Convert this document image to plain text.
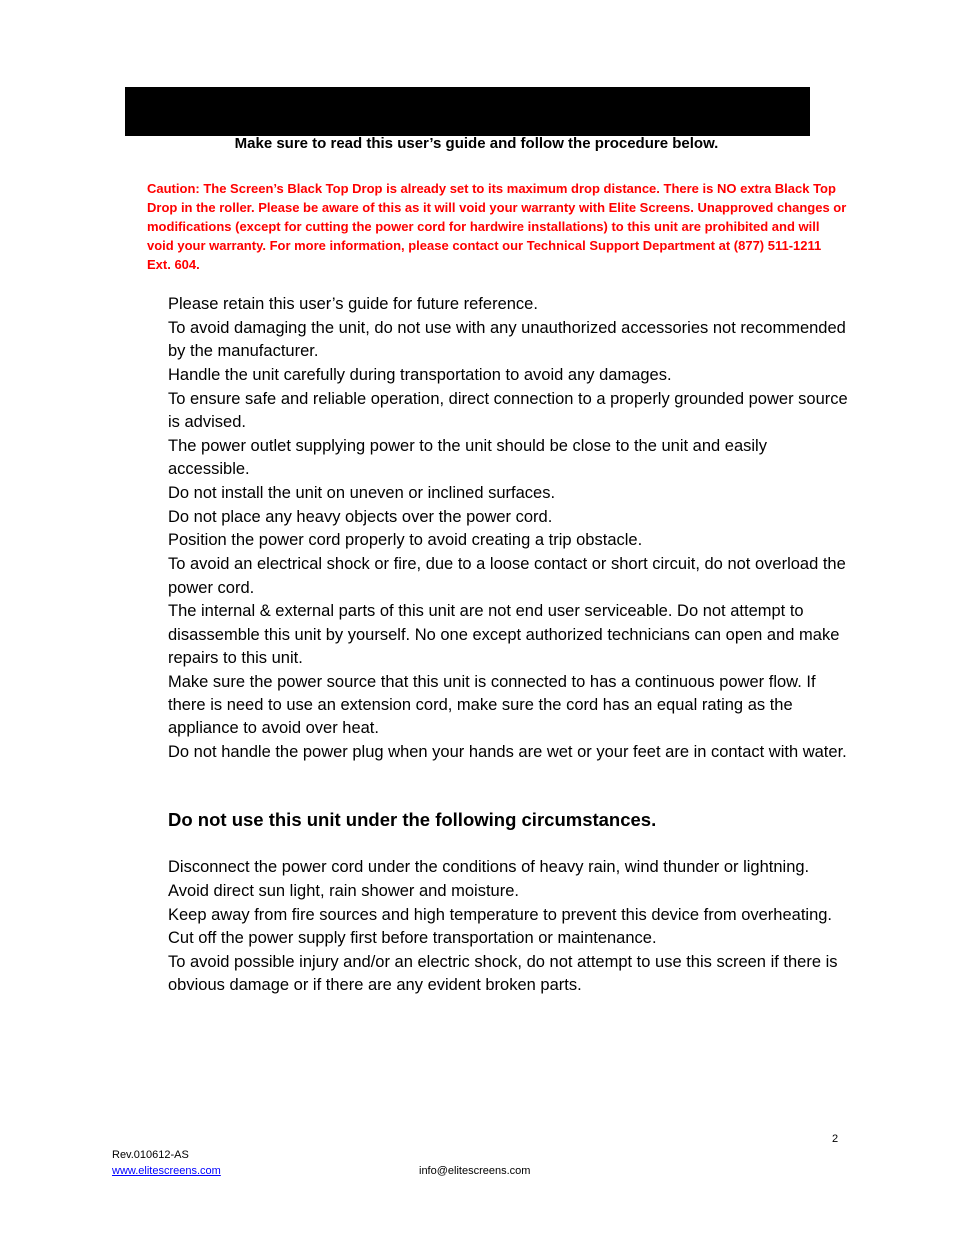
Make sure to read this user’s guide and follow the procedure below.
Caution: The Screen’s Black Top Drop is already set to its maximum drop distance. There is NO extra Black Top Drop in the roller. Please be aware of this as it will void your warranty with Elite Screens. Unapproved changes or modifications (except for cutting the power cord for hardwire installations) to this unit are prohibited and will void your warranty. For more information, please contact our Technical Support Department at (877) 511-1211 Ext. 604.
Please retain this user’s guide for future reference.
To avoid damaging the unit, do not use with any unauthorized accessories not recommended by the manufacturer.
Handle the unit carefully during transportation to avoid any damages.
To ensure safe and reliable operation, direct connection to a properly grounded power source is advised.
The power outlet supplying power to the unit should be close to the unit and easily accessible.
Do not install the unit on uneven or inclined surfaces.
Do not place any heavy objects over the power cord.
Position the power cord properly to avoid creating a trip obstacle.
To avoid an electrical shock or fire, due to a loose contact or short circuit, do not overload the power cord.
The internal & external parts of this unit are not end user serviceable. Do not attempt to disassemble this unit by yourself. No one except authorized technicians can open and make repairs to this unit.
Make sure the power source that this unit is connected to has a continuous power flow. If there is need to use an extension cord, make sure the cord has an equal rating as the appliance to avoid over heat.
Do not handle the power plug when your hands are wet or your feet are in contact with water.
Do not use this unit under the following circumstances.
Disconnect the power cord under the conditions of heavy rain, wind thunder or lightning.
Avoid direct sun light, rain shower and moisture.
Keep away from fire sources and high temperature to prevent this device from overheating.
Cut off the power supply first before transportation or maintenance.
To avoid possible injury and/or an electric shock, do not attempt to use this screen if there is obvious damage or if there are any evident broken parts.
2
Rev.010612-AS
www.elitescreens.com	info@elitescreens.com
